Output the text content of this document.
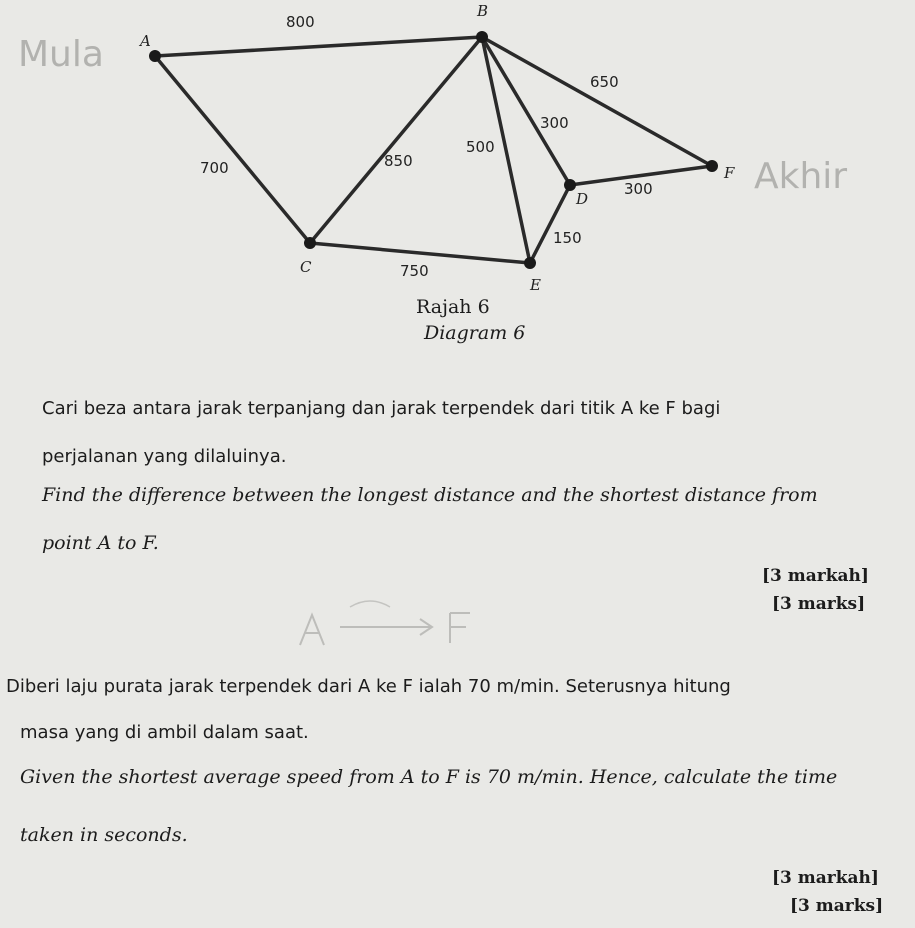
A
B
C
D
E
F
800
700	850
500
300
650
300
150
750
Mula
Akhir
Rajah 6
Diagram 6
Cari beza antara jarak terpanjang dan jarak terpendek dari titik A ke F bagi
perjalanan yang dilaluinya.
Find the difference between the longest distance and the shortest distance from
point A to F.
[3 markah]
[3 marks]
Diberi laju purata jarak terpendek dari A ke F ialah 70 m/min. Seterusnya hitung
masa yang di ambil dalam saat.
Given the shortest average speed from A to F is 70 m/min. Hence, calculate the time
taken in seconds.
[3 markah]
[3 marks]
